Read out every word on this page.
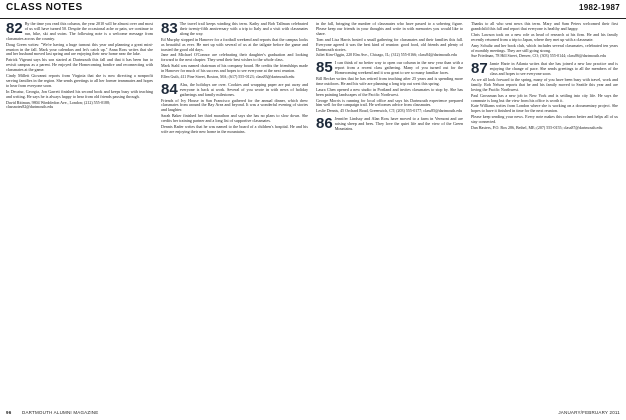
CLASS NOTES	1982-1987

82 By the time you read this column, the year 2010 will be almost over and most of us will have turned 50. Despite the occasional ache or pain, we continue to run, bike, ski and swim. The following note is a welcome message from classmates across the country.

Doug Green writes: "We're having a huge turnout this year and planning a great mini-reunion in the fall. Mark your calendars and let's catch up." Anna Ross writes that she and her husband moved last spring and are enjoying their new home near the lake.

Patrick Vigeant says his son started at Dartmouth this fall and that it has been fun to revisit campus as a parent. He enjoyed the Homecoming bonfire and reconnecting with classmates at the game.

Cindy Millett Giovanni reports from Virginia that she is now directing a nonprofit serving families in the region. She sends greetings to all her former teammates and hopes to hear from everyone soon.

In Decatur, Georgia, Jon Garrett finished his second book and keeps busy with teaching and writing. He says he is always happy to hear from old friends passing through.

David Rittman, 9804 Wimbledon Ave., London; (212) 555-0188; classnotes82@dartmouth.edu

83 The travel trail keeps winding this term. Kathy and Bob Tallman celebrated their twenty-fifth anniversary with a trip to Italy and a visit with classmates along the way.

Ed Murphy stopped in Hanover for a football weekend and reports that the campus looks as beautiful as ever. He met up with several of us at the tailgate before the game and toasted the good old days.

Jane and Michael O'Connor are celebrating their daughter's graduation and looking forward to the next chapter. They send their best wishes to the whole class.

Mark Stahl was named chairman of his company board. He credits the friendships made in Hanover for much of his success and hopes to see everyone at the next reunion.

Ellen Guth, 411 Pine Street, Boston, MA; (617) 555-0123; class83@dartmouth.edu

84 Alas, the holidays are over. Cookies and wrapping paper are put away and everyone is back at work. Several of you wrote in with news of holiday gatherings and family milestones.

Friends of Ivy House in San Francisco gathered for the annual dinner, which drew classmates from around the Bay Area and beyond. It was a wonderful evening of stories and laughter.

Sarah Baker finished her third marathon and says she has no plans to slow down. She credits her training partner and a long list of supportive classmates.

Dennis Rader writes that he was named to the board of a children's hospital. He and his wife are enjoying their new home in the mountains.

in the fall, bringing the number of classmates who have passed to a sobering figure. Please keep our friends in your thoughts and write in with memories you would like to share.

Tom and Lisa Harris hosted a small gathering for classmates and their families this fall. Everyone agreed it was the best kind of reunion: good food, old friends and plenty of Dartmouth stories.

Juliet Kim-Oggin, 220 Elm Ave., Chicago, IL; (312) 555-0166; class84@dartmouth.edu

85 I can think of no better way to open our column in the new year than with a report from a recent class gathering. Many of you turned out for the Homecoming weekend and it was great to see so many familiar faces.

Bill Becker writes that he has retired from teaching after 25 years and is spending more time outdoors. He and his wife are planning a long trip out west this spring.

Laura Chen opened a new studio in Portland and invites classmates to stop by. She has been painting landscapes of the Pacific Northwest.

George Morris is running for local office and says his Dartmouth experience prepared him well for the campaign trail. He welcomes advice from classmates.

Leslie Dennis, 45 Orchard Road, Greenwich, CT; (203) 555-0177; class85@dartmouth.edu

86 Jennifer Lindsay and Alan Ross have moved to a farm in Vermont and are raising sheep and bees. They love the quiet life and the view of the Green Mountains.

Thanks to all who sent news this term. Mary and Sam Peters welcomed their first grandchild this fall and report that everyone is healthy and happy.

Chris Lawson took on a new role as head of research at his firm. He and his family recently returned from a trip to Japan, where they met up with a classmate.

Amy Schultz and her book club, which includes several classmates, celebrated ten years of monthly meetings. They are still going strong.

Sue Friedman, 78 Hill Street, Denver, CO; (303) 555-0144; class86@dartmouth.edu

87 Jamie Harte in Atlanta writes that she has joined a new law practice and is enjoying the change of pace. She sends greetings to all the members of the class and hopes to see everyone soon.

As we all look forward to the spring, many of you have been busy with travel, work and family. Rob Nelson reports that he and his family moved to Seattle this year and are loving the Pacific Northwest.

Paul Grossman has a new job in New York and is settling into city life. He says the commute is long but the view from his office is worth it.

Kate Williams writes from London where she is working on a documentary project. She hopes to have it finished in time for the next reunion.

Please keep sending your news. Every note makes this column better and helps all of us stay connected.

Dan Hasters, P.O. Box 286, Bethel, ME; (207) 555-0155; class87@dartmouth.edu
96 DARTMOUTH ALUMNI MAGAZINE	JANUARY/FEBRUARY 2011
